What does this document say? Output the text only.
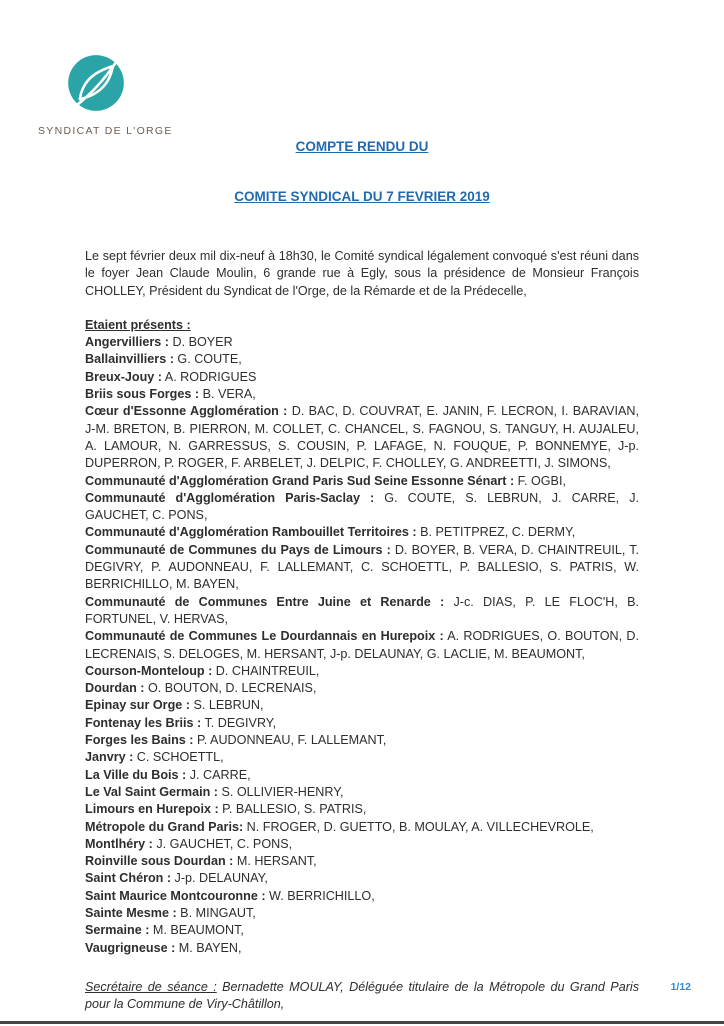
SYNDICAT DE L'ORGE
COMPTE RENDU DU
COMITE SYNDICAL DU 7 FEVRIER 2019

Le sept février deux mil dix-neuf à 18h30, le Comité syndical légalement convoqué s'est réuni dans le foyer Jean Claude Moulin, 6 grande rue à Egly, sous la présidence de Monsieur François CHOLLEY, Président du Syndicat de l'Orge, de la Rémarde et de la Prédecelle,

Etaient présents :
Angervilliers : D. BOYER
Ballainvilliers : G. COUTE,
Breux-Jouy : A. RODRIGUES
Briis sous Forges : B. VERA,
Cœur d'Essonne Agglomération : D. BAC, D. COUVRAT, E. JANIN, F. LECRON, I. BARAVIAN, J-M. BRETON, B. PIERRON, M. COLLET, C. CHANCEL, S. FAGNOU, S. TANGUY, H. AUJALEU, A. LAMOUR, N. GARRESSUS, S. COUSIN, P. LAFAGE, N. FOUQUE, P. BONNEMYE, J-p. DUPERRON, P. ROGER, F. ARBELET, J. DELPIC, F. CHOLLEY, G. ANDREETTI, J. SIMONS,
Communauté d'Agglomération Grand Paris Sud Seine Essonne Sénart : F. OGBI,
Communauté d'Agglomération Paris-Saclay : G. COUTE, S. LEBRUN, J. CARRE, J. GAUCHET, C. PONS,
Communauté d'Agglomération Rambouillet Territoires : B. PETITPREZ, C. DERMY,
Communauté de Communes du Pays de Limours : D. BOYER, B. VERA, D. CHAINTREUIL, T. DEGIVRY, P. AUDONNEAU, F. LALLEMANT, C. SCHOETTL, P. BALLESIO, S. PATRIS, W. BERRICHILLO, M. BAYEN,
Communauté de Communes Entre Juine et Renarde : J-c. DIAS, P. LE FLOC'H, B. FORTUNEL, V. HERVAS,
Communauté de Communes Le Dourdannais en Hurepoix : A. RODRIGUES, O. BOUTON, D. LECRENAIS, S. DELOGES, M. HERSANT, J-p. DELAUNAY, G. LACLIE, M. BEAUMONT,
Courson-Monteloup : D. CHAINTREUIL,
Dourdan : O. BOUTON, D. LECRENAIS,
Epinay sur Orge : S. LEBRUN,
Fontenay les Briis : T. DEGIVRY,
Forges les Bains : P. AUDONNEAU, F. LALLEMANT,
Janvry : C. SCHOETTL,
La Ville du Bois : J. CARRE,
Le Val Saint Germain : S. OLLIVIER-HENRY,
Limours en Hurepoix : P. BALLESIO, S. PATRIS,
Métropole du Grand Paris: N. FROGER, D. GUETTO, B. MOULAY, A. VILLECHEVROLE,
Montlhéry : J. GAUCHET, C. PONS,
Roinville sous Dourdan : M. HERSANT,
Saint Chéron : J-p. DELAUNAY,
Saint Maurice Montcouronne : W. BERRICHILLO,
Sainte Mesme : B. MINGAUT,
Sermaine : M. BEAUMONT,
Vaugrigneuse : M. BAYEN,

Secrétaire de séance : Bernadette MOULAY, Déléguée titulaire de la Métropole du Grand Paris pour la Commune de Viry-Châtillon,

1/12
